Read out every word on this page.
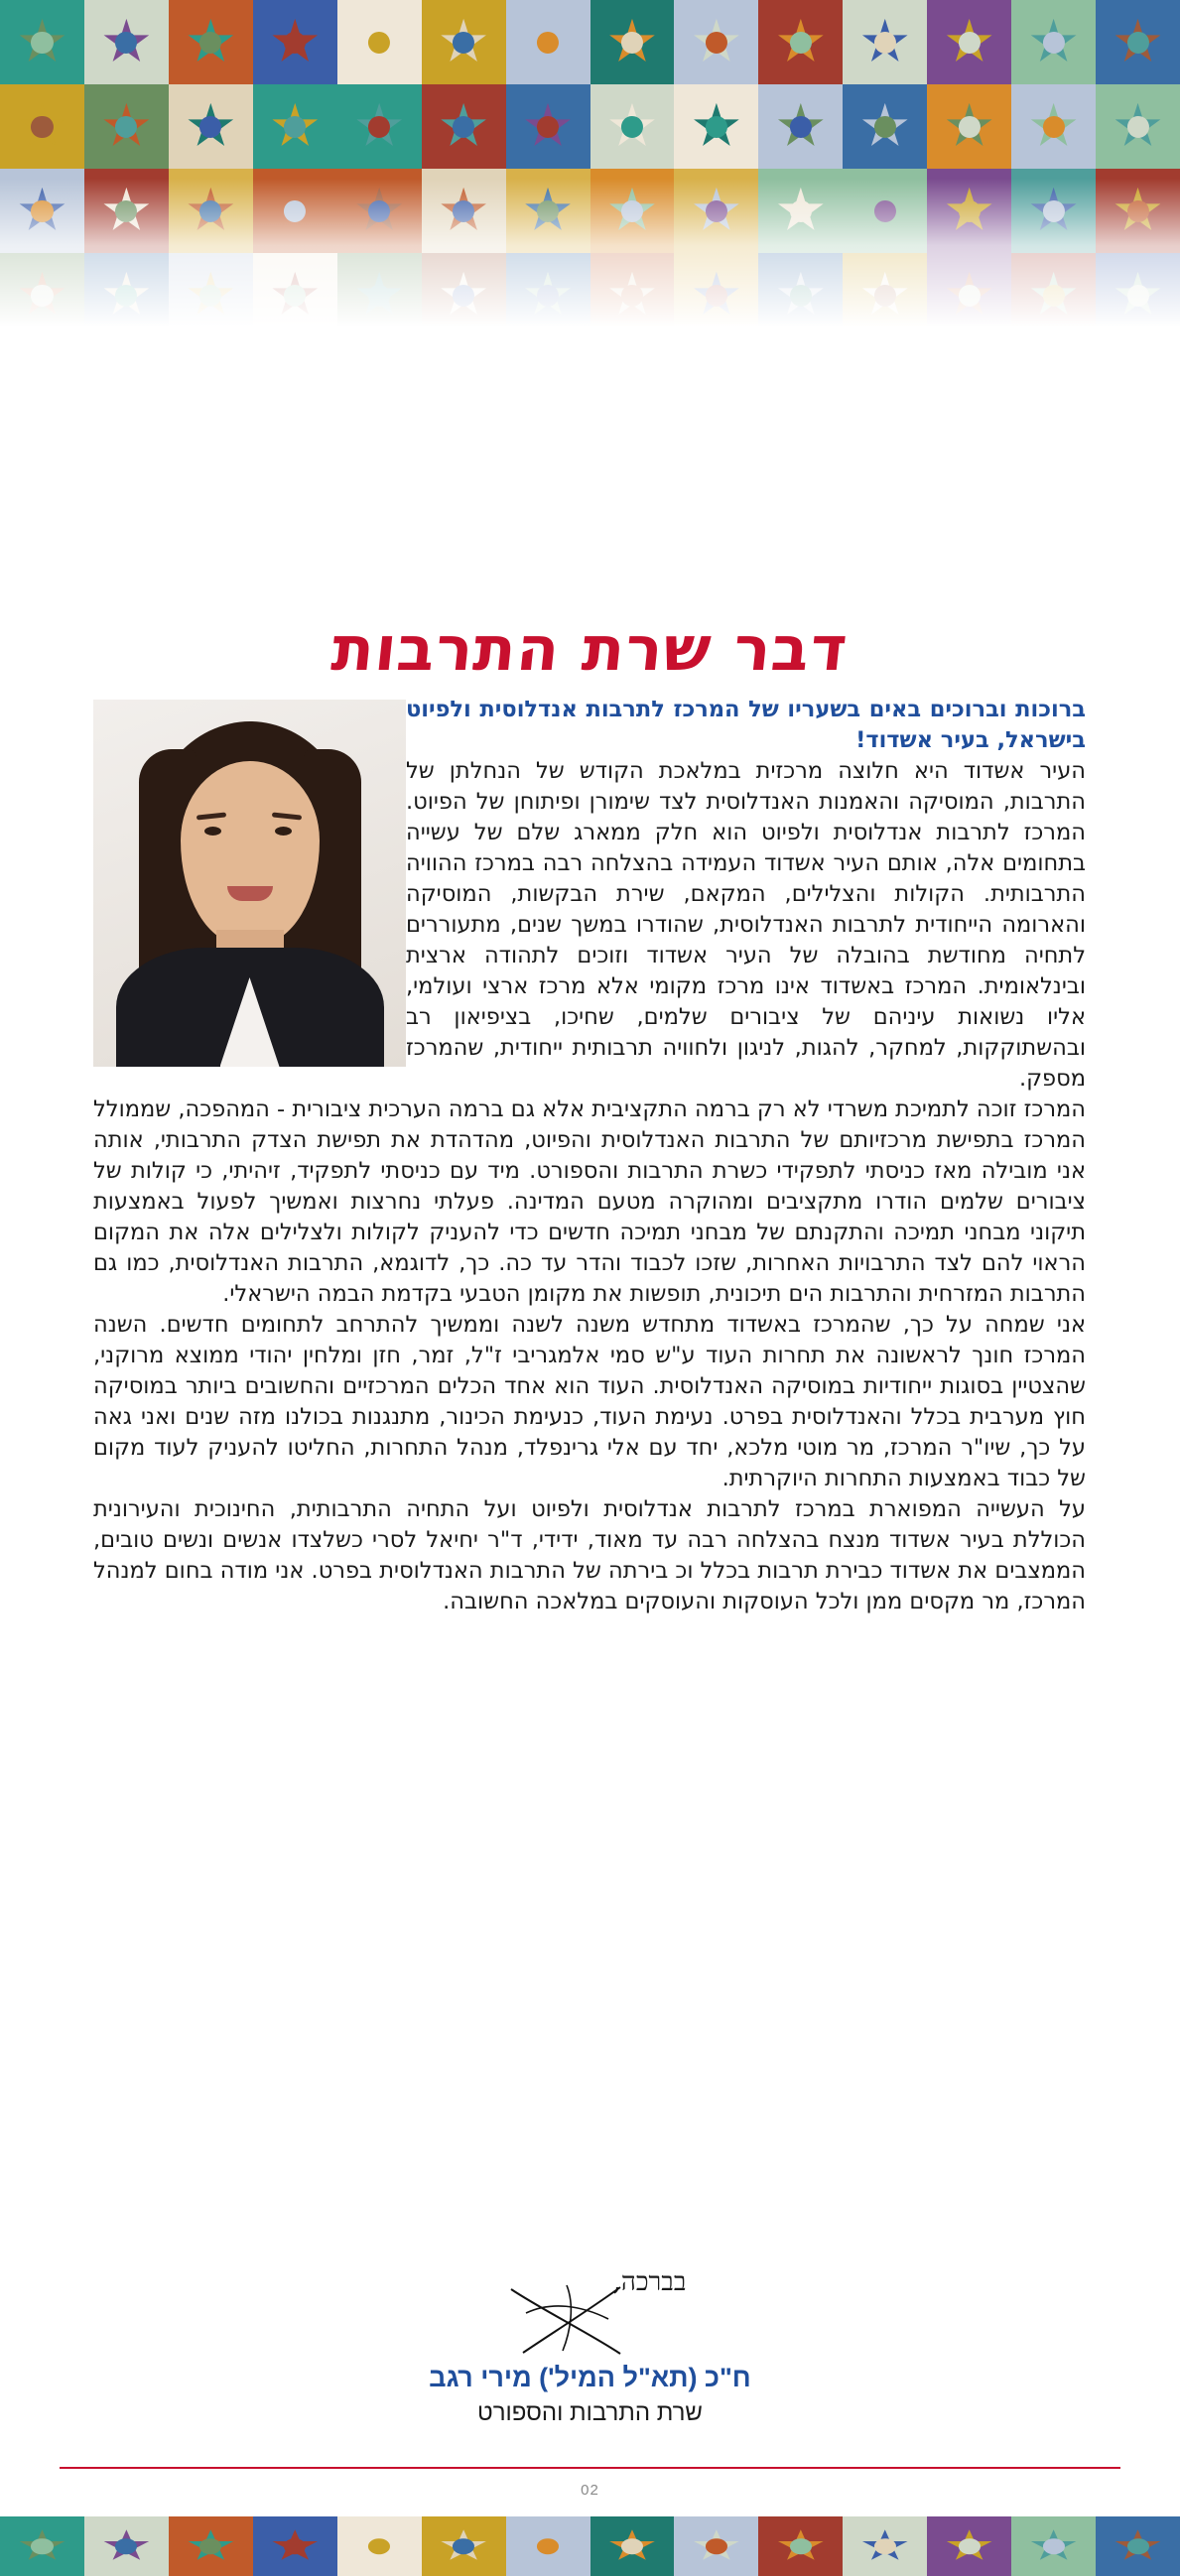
דבר שרת התרבות

ברוכות וברוכים באים בשעריו של המרכז לתרבות אנדלוסית ולפיוט בישראל, בעיר אשדוד!

העיר אשדוד היא חלוצה מרכזית במלאכת הקודש של הנחלתן של התרבות, המוסיקה והאמנות האנדלוסית לצד שימורן ופיתוחן של הפיוט. המרכז לתרבות אנדלוסית ולפיוט הוא חלק ממארג שלם של עשייה בתחומים אלה, אותם העיר אשדוד העמידה בהצלחה רבה במרכז ההוויה התרבותית. הקולות והצלילים, המקאם, שירת הבקשות, המוסיקה והארומה הייחודית לתרבות האנדלוסית, שהודרו במשך שנים, מתעוררים לתחיה מחודשת בהובלה של העיר אשדוד וזוכים לתהודה ארצית ובינלאומית. המרכז באשדוד אינו מרכז מקומי אלא מרכז ארצי ועולמי, אליו נשואות עיניהם של ציבורים שלמים, שחיכו, בציפיאון רב ובהשתוקקות, למחקר, להגות, לניגון ולחוויה תרבותית ייחודית, שהמרכז מספק.

המרכז זוכה לתמיכת משרדי לא רק ברמה התקציבית אלא גם ברמה הערכית ציבורית - המהפכה, שממולל המרכז בתפישת מרכזיותם של התרבות האנדלוסית והפיוט, מהדהדת את תפישת הצדק התרבותי, אותה אני מובילה מאז כניסתי לתפקידי כשרת התרבות והספורט. מיד עם כניסתי לתפקיד, זיהיתי, כי קולות של ציבורים שלמים הודרו מתקציבים ומהוקרה מטעם המדינה. פעלתי נחרצות ואמשיך לפעול באמצעות תיקוני מבחני תמיכה והתקנתם של מבחני תמיכה חדשים כדי להעניק לקולות ולצלילים אלה את המקום הראוי להם לצד התרבויות האחרות, שזכו לכבוד והדר עד כה. כך, לדוגמא, התרבות האנדלוסית, כמו גם התרבות המזרחית והתרבות הים תיכונית, תופשות את מקומן הטבעי בקדמת הבמה הישראלי.

אני שמחה על כך, שהמרכז באשדוד מתחדש משנה לשנה וממשיך להתרחב לתחומים חדשים. השנה המרכז חונך לראשונה את תחרות העוד ע"ש סמי אלמגריבי ז"ל, זמר, חזן ומלחין יהודי ממוצא מרוקני, שהצטיין בסוגות ייחודיות במוסיקה האנדלוסית. העוד הוא אחד הכלים המרכזיים והחשובים ביותר במוסיקה חוץ מערבית בכלל והאנדלוסית בפרט. נעימת העוד, כנעימת הכינור, מתנגנות בכולנו מזה שנים ואני גאה על כך, שיו"ר המרכז, מר מוטי מלכא, יחד עם אלי גרינפלד, מנהל התחרות, החליטו להעניק לעוד מקום של כבוד באמצעות התחרות היוקרתית.

על העשייה המפוארת במרכז לתרבות אנדלוסית ולפיוט ועל התחיה התרבותית, החינוכית והעירונית הכוללת בעיר אשדוד מנצח בהצלחה רבה עד מאוד, ידידי, ד"ר יחיאל לסרי כשלצדו אנשים ונשים טובים, הממצבים את אשדוד כבירת תרבות בכלל וכ בירתה של התרבות האנדלוסית בפרט. אני מודה בחום למנהל המרכז, מר מקסים ממן ולכל העוסקות והעוסקים במלאכה החשובה.

בברכה,
ח"כ (תא"ל המיל') מירי רגב
שרת התרבות והספורט
02
